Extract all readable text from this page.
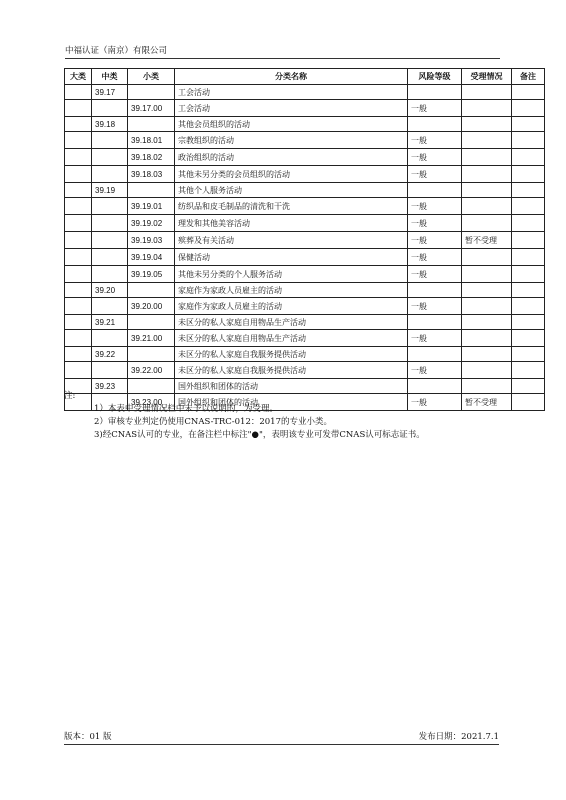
中福认证（南京）有限公司
大类	中类	小类	分类名称	风险等级	受理情况	备注
	39.17		工会活动			
		39.17.00	工会活动	一般		
	39.18		其他会员组织的活动			
		39.18.01	宗教组织的活动	一般		
		39.18.02	政治组织的活动	一般		
		39.18.03	其他未另分类的会员组织的活动	一般		
	39.19		其他个人服务活动			
		39.19.01	纺织品和皮毛制品的清洗和干洗	一般		
		39.19.02	理发和其他美容活动	一般		
		39.19.03	殡葬及有关活动	一般	暂不受理	
		39.19.04	保健活动	一般		
		39.19.05	其他未另分类的个人服务活动	一般		
	39.20		家庭作为家政人员雇主的活动			
		39.20.00	家庭作为家政人员雇主的活动	一般		
	39.21		未区分的私人家庭自用物品生产活动			
		39.21.00	未区分的私人家庭自用物品生产活动	一般		
	39.22		未区分的私人家庭自我服务提供活动			
		39.22.00	未区分的私人家庭自我服务提供活动	一般		
	39.23		国外组织和团体的活动			
		39.23.00	国外组织和团体的活动	一般	暂不受理	
注:
1）本表中受理情况栏中未予以说明的，为受理。
2）审核专业判定仍使用CNAS-TRC-012：2017的专业小类。
3)经CNAS认可的专业，在备注栏中标注"●"，表明该专业可发带CNAS认可标志证书。
版本：01 版	发布日期：2021.7.1
